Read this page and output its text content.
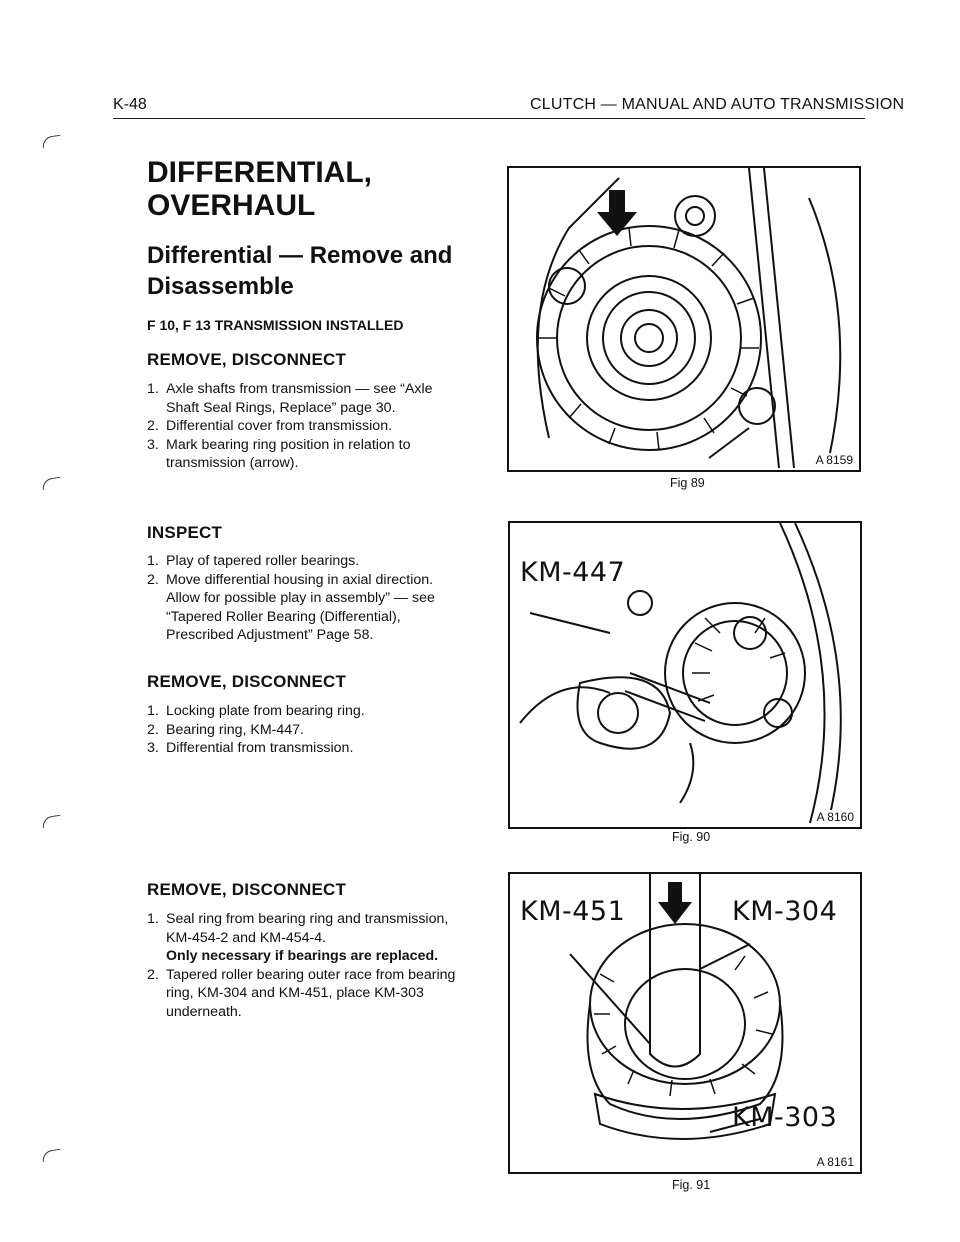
K-48	CLUTCH — MANUAL AND AUTO TRANSMISSION
DIFFERENTIAL, OVERHAUL
Differential — Remove and Disassemble
F 10, F 13 TRANSMISSION INSTALLED
REMOVE, DISCONNECT
1. Axle shafts from transmission — see “Axle Shaft Seal Rings, Replace” page 30.
2. Differential cover from transmission.
3. Mark bearing ring position in relation to transmission (arrow).
INSPECT
1. Play of tapered roller bearings.
2. Move differential housing in axial direction. Allow for possible play in assembly” — see “Tapered Roller Bearing (Differential), Prescribed Adjustment” Page 58.
REMOVE, DISCONNECT
1. Locking plate from bearing ring.
2. Bearing ring, KM-447.
3. Differential from transmission.
REMOVE, DISCONNECT
1. Seal ring from bearing ring and transmission, KM-454-2 and KM-454-4.
Only necessary if bearings are replaced.
2. Tapered roller bearing outer race from bearing ring, KM-304 and KM-451, place KM-303 underneath.
A 8159
Fig 89
KM-447
A 8160
Fig. 90
KM-451	KM-304
KM-303
A 8161
Fig. 91
